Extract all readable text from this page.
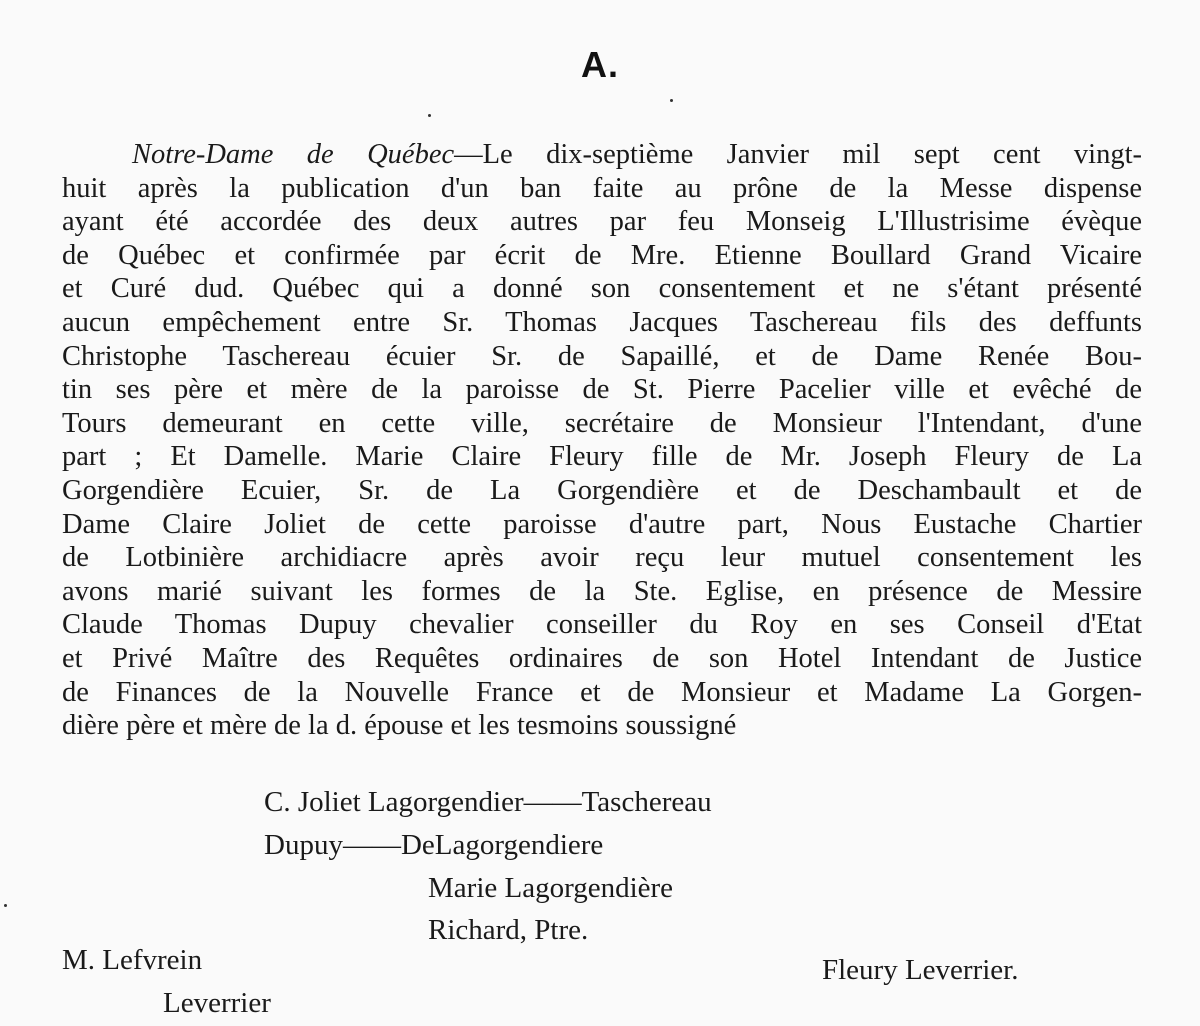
A.
Notre-Dame de Québec—Le dix-septième Janvier mil sept cent vingt-
huit après la publication d'un ban faite au prône de la Messe dispense
ayant été accordée des deux autres par feu Monseig L'Illustrisime évèque
de Québec et confirmée par écrit de Mre. Etienne Boullard Grand Vicaire
et Curé dud. Québec qui a donné son consentement et ne s'étant présenté
aucun empêchement entre Sr. Thomas Jacques Taschereau fils des deffunts
Christophe Taschereau écuier Sr. de Sapaillé, et de Dame Renée Bou-
tin ses père et mère de la paroisse de St. Pierre Pacelier ville et evêché de
Tours demeurant en cette ville, secrétaire de Monsieur l'Intendant, d'une
part ; Et Damelle. Marie Claire Fleury fille de Mr. Joseph Fleury de La
Gorgendière Ecuier, Sr. de La Gorgendière et de Deschambault et de
Dame Claire Joliet de cette paroisse d'autre part, Nous Eustache Chartier
de Lotbinière archidiacre après avoir reçu leur mutuel consentement les
avons marié suivant les formes de la Ste. Eglise, en présence de Messire
Claude Thomas Dupuy chevalier conseiller du Roy en ses Conseil d'Etat
et Privé Maître des Requêtes ordinaires de son Hotel Intendant de Justice
de Finances de la Nouvelle France et de Monsieur et Madame La Gorgen-
dière père et mère de la d. épouse et les tesmoins soussigné
C. Joliet Lagorgendier——Taschereau
Dupuy——DeLagorgendiere
Marie Lagorgendière
Richard, Ptre.
M. Lefvrein
Leverrier
Fleury Leverrier.
